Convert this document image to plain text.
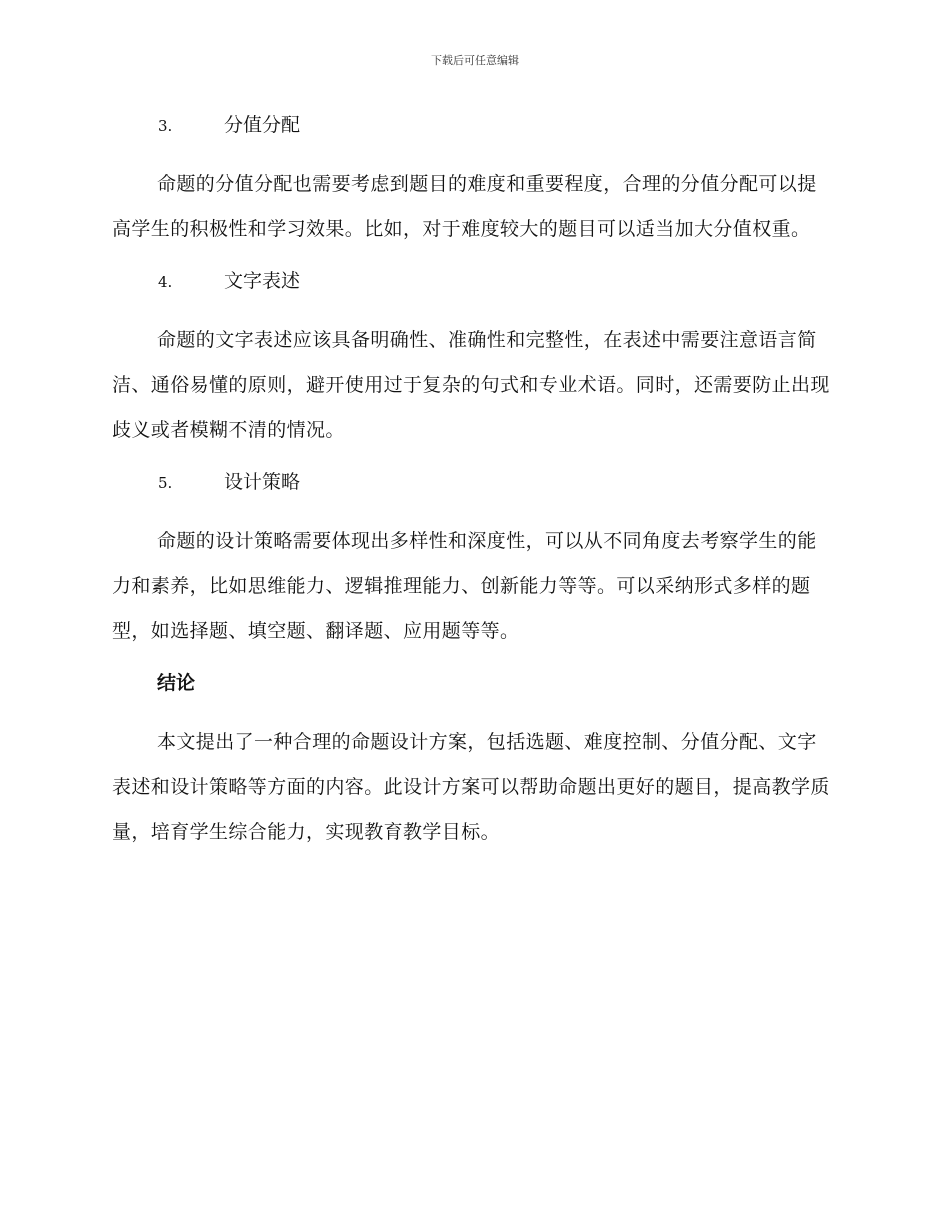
下载后可任意编辑
3.	分值分配

命题的分值分配也需要考虑到题目的难度和重要程度，合理的分值分配可以提高学生的积极性和学习效果。比如，对于难度较大的题目可以适当加大分值权重。

4.	文字表述

命题的文字表述应该具备明确性、准确性和完整性，在表述中需要注意语言简洁、通俗易懂的原则，避开使用过于复杂的句式和专业术语。同时，还需要防止出现歧义或者模糊不清的情况。

5.	设计策略

命题的设计策略需要体现出多样性和深度性，可以从不同角度去考察学生的能力和素养，比如思维能力、逻辑推理能力、创新能力等等。可以采纳形式多样的题型，如选择题、填空题、翻译题、应用题等等。

结论

本文提出了一种合理的命题设计方案，包括选题、难度控制、分值分配、文字表述和设计策略等方面的内容。此设计方案可以帮助命题出更好的题目，提高教学质量，培育学生综合能力，实现教育教学目标。
